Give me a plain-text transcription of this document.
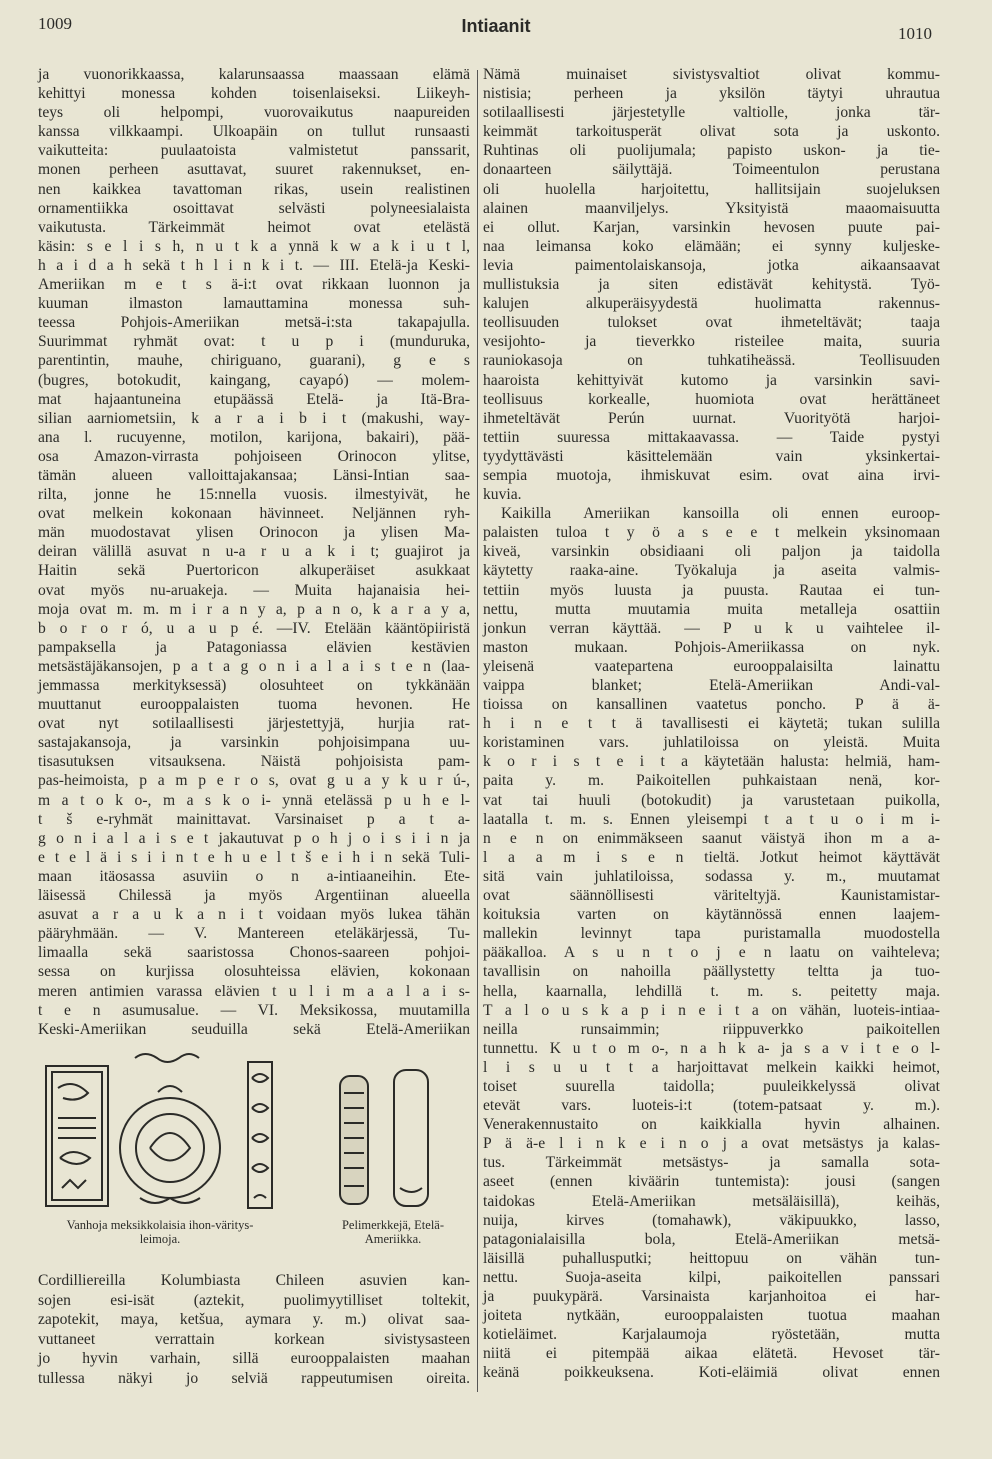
1009	Intiaanit	1010
ja vuonorikkaassa, kalarunsaassa maassaan elämä
kehittyi monessa kohden toisenlaiseksi. Liikeyh-
teys oli helpompi, vuorovaikutus naapureiden
kanssa vilkkaampi. Ulkoapäin on tullut runsaasti
vaikutteita: puulaatoista valmistetut panssarit,
monen perheen asuttavat, suuret rakennukset, en-
nen kaikkea tavattoman rikas, usein realistinen
ornamentiikka osoittavat selvästi polyneesialaista
vaikutusta. Tärkeimmät heimot ovat etelästä
käsin: s e l i s h, n u t k a ynnä k w a k i u t l,
h a i d a h sekä t h l i n k i t. — III. Etelä-ja Keski-
Ameriikan m e t s ä-i:t ovat rikkaan luonnon ja
kuuman ilmaston lamauttamina monessa suh-
teessa Pohjois-Ameriikan metsä-i:sta takapajulla.
Suurimmat ryhmät ovat: t u p i (munduruka,
parentintin, mauhe, chiriguano, guarani), g e s
(bugres, botokudit, kaingang, cayapó) — molem-
mat hajaantuneina etupäässä Etelä- ja Itä-Bra-
silian aarniometsiin, k a r a i b i t (makushi, way-
ana l. rucuyenne, motilon, karijona, bakairi), pää-
osa Amazon-virrasta pohjoiseen Orinocon ylitse,
tämän alueen valloittajakansaa; Länsi-Intian saa-
rilta, jonne he 15:nnella vuosis. ilmestyivät, he
ovat melkein kokonaan hävinneet. Neljännen ryh-
män muodostavat ylisen Orinocon ja ylisen Ma-
deiran välillä asuvat n u-a r u a k i t; guajirot ja
Haitin sekä Puertoricon alkuperäiset asukkaat
ovat myös nu-aruakeja. — Muita hajanaisia hei-
moja ovat m. m. m i r a n y a, p a n o, k a r a y a,
b o r o r ó, u a u p é. —IV. Etelään kääntöpiiristä
pampaksella ja Patagoniassa elävien kestävien
metsästäjäkansojen, p a t a g o n i a l a i s t e n (laa-
jemmassa merkityksessä) olosuhteet on tykkänään
muuttanut eurooppalaisten tuoma hevonen. He
ovat nyt sotilaallisesti järjestettyjä, hurjia rat-
sastajakansoja, ja varsinkin pohjoisimpana uu-
tisasutuksen vitsauksena. Näistä pohjoisista pam-
pas-heimoista, p a m p e r o s, ovat g u a y k u r ú-,
m a t o k o-, m a s k o i- ynnä etelässä p u h e l-
t š e-ryhmät mainittavat. Varsinaiset p a t a-
g o n i a l a i s e t jakautuvat p o h j o i s i i n ja
e t e l ä i s i i n t e h u e l t š e i h i n sekä Tuli-
maan itäosassa asuviin o n a-intiaaneihin. Ete-
läisessä Chilessä ja myös Argentiinan alueella
asuvat a r a u k a n i t voidaan myös lukea tähän
pääryhmään. — V. Mantereen eteläkärjessä, Tu-
limaalla sekä saaristossa Chonos-saareen pohjoi-
sessa on kurjissa olosuhteissa elävien, kokonaan
meren antimien varassa elävien t u l i m a a l a i s-
t e n asumusalue. — VI. Meksikossa, muutamilla
Keski-Ameriikan seuduilla sekä Etelä-Ameriikan
Vanhoja meksikkolaisia ihon-väritys-leimoja.
Pelimerkkejä, Etelä-Ameriikka.
Cordilliereilla Kolumbiasta Chileen asuvien kan-
sojen esi-isät (aztekit, puolimyytilliset toltekit,
zapotekit, maya, ketšua, aymara y. m.) olivat saa-
vuttaneet verrattain korkean sivistysasteen
jo hyvin varhain, sillä eurooppalaisten maahan
tullessa näkyi jo selviä rappeutumisen oireita.
Nämä muinaiset sivistysvaltiot olivat kommu-
nistisia; perheen ja yksilön täytyi uhrautua
sotilaallisesti järjestetylle valtiolle, jonka tär-
keimmät tarkoitusperät olivat sota ja uskonto.
Ruhtinas oli puolijumala; papisto uskon- ja tie-
donaarteen säilyttäjä. Toimeentulon perustana
oli huolella harjoitettu, hallitsijain suojeluksen
alainen maanviljelys. Yksityistä maaomaisuutta
ei ollut. Karjan, varsinkin hevosen puute pai-
naa leimansa koko elämään; ei synny kuljeske-
levia paimentolaiskansoja, jotka aikaansaavat
mullistuksia ja siten edistävät kehitystä. Työ-
kalujen alkuperäisyydestä huolimatta rakennus-
teollisuuden tulokset ovat ihmeteltävät; taaja
vesijohto- ja tieverkko risteilee maita, suuria
rauniokasoja on tuhkatiheässä. Teollisuuden
haaroista kehittyivät kutomo ja varsinkin savi-
teollisuus korkealle, huomiota ovat herättäneet
ihmeteltävät Perún uurnat. Vuorityötä harjoi-
tettiin suuressa mittakaavassa. — Taide pystyi
tyydyttävästi käsittelemään vain yksinkertai-
sempia muotoja, ihmiskuvat esim. ovat aina irvi-
kuvia.
Kaikilla Ameriikan kansoilla oli ennen euroop-
palaisten tuloa t y ö a s e e t melkein yksinomaan
kiveä, varsinkin obsidiaani oli paljon ja taidolla
käytetty raaka-aine. Työkaluja ja aseita valmis-
tettiin myös luusta ja puusta. Rautaa ei tun-
nettu, mutta muutamia muita metalleja osattiin
jonkun verran käyttää. — P u k u vaihtelee il-
maston mukaan. Pohjois-Ameriikassa on nyk.
yleisenä vaatepartena eurooppalaisilta lainattu
vaippa blanket; Etelä-Ameriikan Andi-val-
tioissa on kansallinen vaatetus poncho. P ä ä-
h i n e t t ä tavallisesti ei käytetä; tukan sulilla
koristaminen vars. juhlatiloissa on yleistä. Muita
k o r i s t e i t a käytetään halusta: helmiä, ham-
paita y. m. Paikoitellen puhkaistaan nenä, kor-
vat tai huuli (botokudit) ja varustetaan puikolla,
laatalla t. m. s. Ennen yleisempi t a t u o i m i-
n e n on enimmäkseen saanut väistyä ihon m a a-
l a a m i s e n tieltä. Jotkut heimot käyttävät
sitä vain juhlatiloissa, sodassa y. m., muutamat
ovat säännöllisesti väriteltyjä. Kaunistamistar-
koituksia varten on käytännössä ennen laajem-
mallekin levinnyt tapa puristamalla muodostella
pääkalloa. A s u n t o j e n laatu on vaihteleva;
tavallisin on nahoilla päällystetty teltta ja tuo-
hella, kaarnalla, lehdillä t. m. s. peitetty maja.
T a l o u s k a p i n e i t a on vähän, luoteis-intiaa-
neilla runsaimmin; riippuverkko paikoitellen
tunnettu. K u t o m o-, n a h k a- ja s a v i t e o l-
l i s u u t t a harjoittavat melkein kaikki heimot,
toiset suurella taidolla; puuleikkelyssä olivat
etevät vars. luoteis-i:t (totem-patsaat y. m.).
Venerakennustaito on kaikkialla hyvin alhainen.
P ä ä-e l i n k e i n o j a ovat metsästys ja kalas-
tus. Tärkeimmät metsästys- ja samalla sota-
aseet (ennen kiväärin tuntemista): jousi (sangen
taidokas Etelä-Ameriikan metsäläisillä), keihäs,
nuija, kirves (tomahawk), väkipuukko, lasso,
patagonialaisilla bola, Etelä-Ameriikan metsä-
läisillä puhallusputki; heittopuu on vähän tun-
nettu. Suoja-aseita kilpi, paikoitellen panssari
ja puukypärä. Varsinaista karjanhoitoa ei har-
joiteta nytkään, eurooppalaisten tuotua maahan
kotieläimet. Karjalaumoja ryöstetään, mutta
niitä ei pitempää aikaa elätetä. Hevoset tär-
keänä poikkeuksena. Koti-eläimiä olivat ennen
